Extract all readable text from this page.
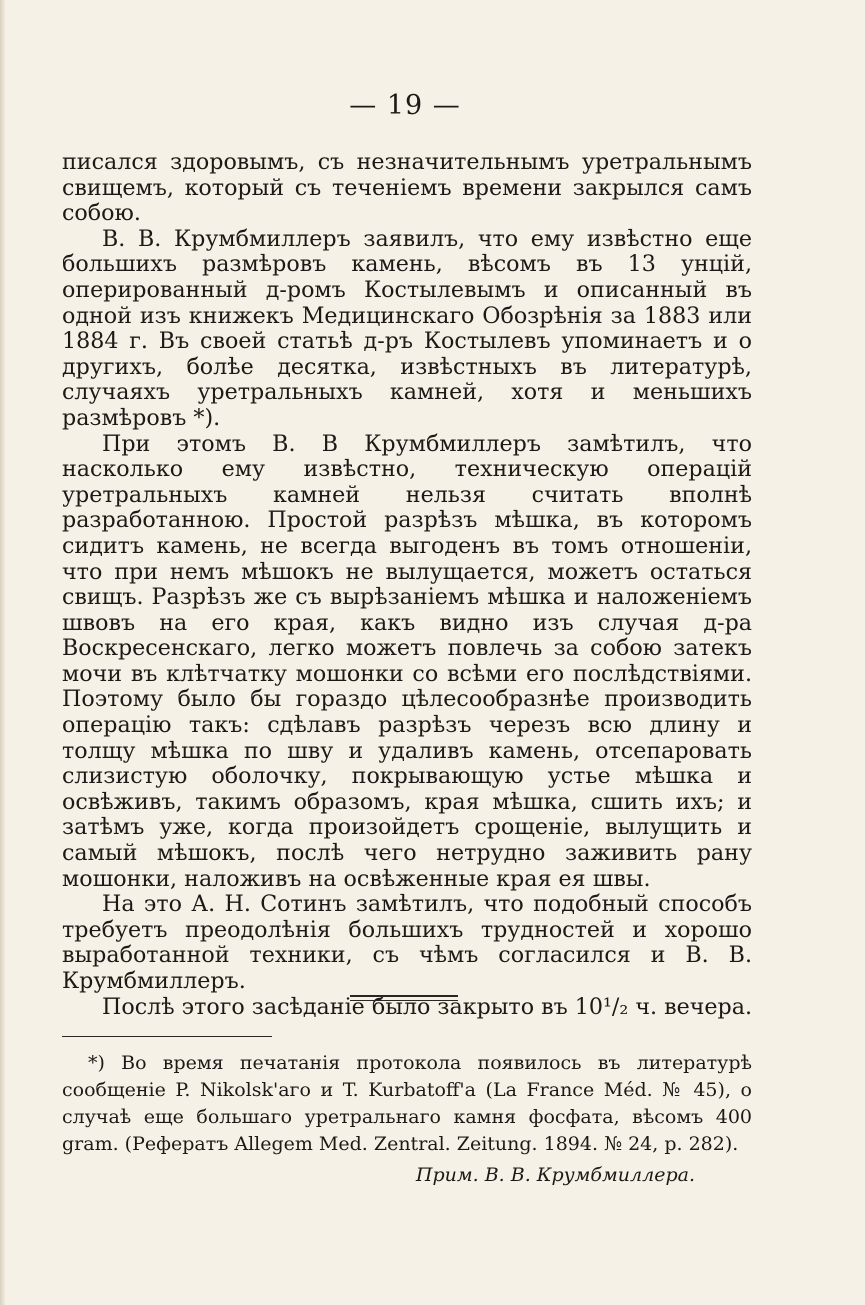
— 19 —

писался здоровымъ, съ незначительнымъ уретральнымъ свищемъ, который съ теченіемъ времени закрылся самъ собою.

В. В. Крумбмиллеръ заявилъ, что ему извѣстно еще большихъ размѣровъ камень, вѣсомъ въ 13 унцій, оперированный д-ромъ Костылевымъ и описанный въ одной изъ книжекъ Медицинскаго Обозрѣнія за 1883 или 1884 г. Въ своей статьѣ д-ръ Костылевъ упоминаетъ и о другихъ, болѣе десятка, извѣстныхъ въ литературѣ, случаяхъ уретральныхъ камней, хотя и меньшихъ размѣровъ *).

При этомъ В. В Крумбмиллеръ замѣтилъ, что насколько ему извѣстно, техническую операцій уретральныхъ камней нельзя считать вполнѣ разработанною. Простой разрѣзъ мѣшка, въ которомъ сидитъ камень, не всегда выгоденъ въ томъ отношеніи, что при немъ мѣшокъ не вылущается, можетъ остаться свищъ. Разрѣзъ же съ вырѣзаніемъ мѣшка и наложеніемъ швовъ на его края, какъ видно изъ случая д-ра Воскресенскаго, легко можетъ повлечь за собою затекъ мочи въ клѣтчатку мошонки со всѣми его послѣдствіями. Поэтому было бы гораздо цѣлесообразнѣе производить операцію такъ: сдѣлавъ разрѣзъ черезъ всю длину и толщу мѣшка по шву и удаливъ камень, отсепаровать слизистую оболочку, покрывающую устье мѣшка и освѣживъ, такимъ образомъ, края мѣшка, сшить ихъ; и затѣмъ уже, когда произойдетъ срощеніе, вылущить и самый мѣшокъ, послѣ чего нетрудно заживить рану мошонки, наложивъ на освѣженные края ея швы.

На это А. Н. Сотинъ замѣтилъ, что подобный способъ требуетъ преодолѣнія большихъ трудностей и хорошо выработанной техники, съ чѣмъ согласился и В. В. Крумбмиллеръ.

Послѣ этого засѣданіе было закрыто въ 10¹/₂ ч. вечера.

*) Во время печатанія протокола появилось въ литературѣ сообщеніе P. Nikolsk'аго и T. Kurbatoff'a (La France Méd. № 45), о случаѣ еще большаго уретральнаго камня фосфата, вѣсомъ 400 gram. (Рефератъ Allegem Med. Zentral. Zeitung. 1894. № 24, p. 282).

Прим. В. В. Крумбмиллера.
